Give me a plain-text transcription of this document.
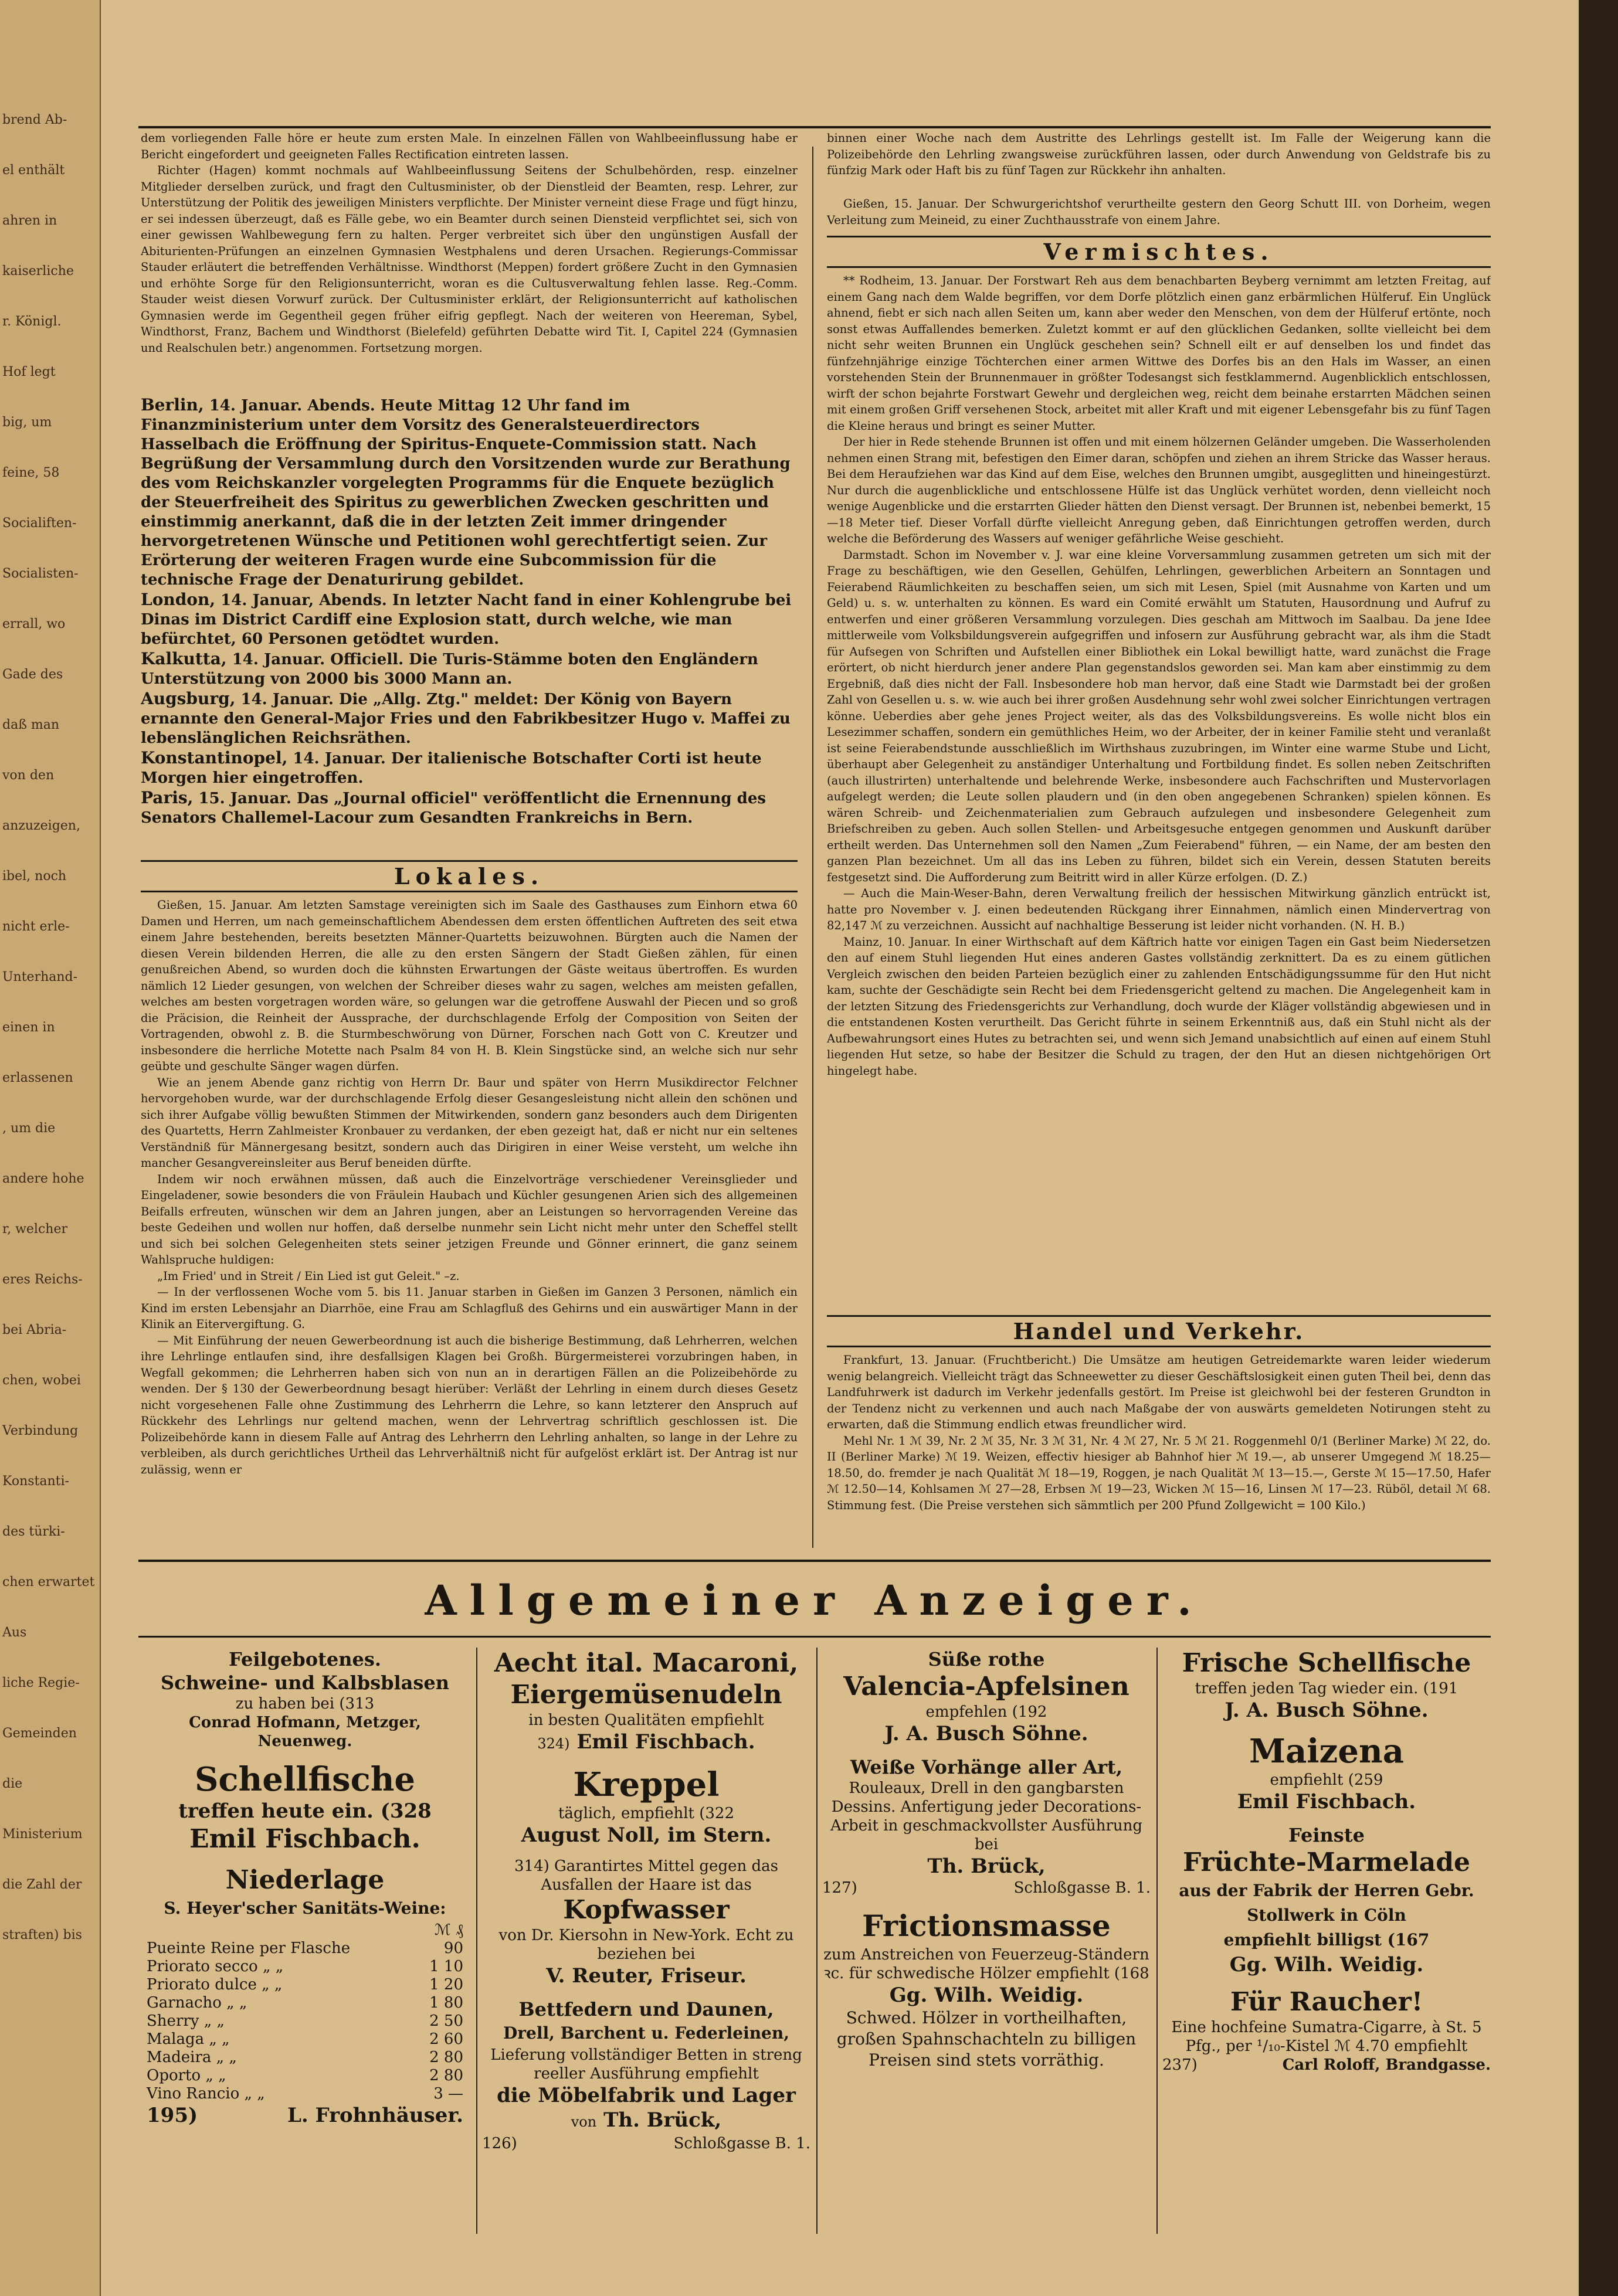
brend Ab-
el enthält
ahren in
kaiserliche
r. Königl.
Hof legt
big, um
feine, 58
Socialiften-
Socialisten-
errall, wo
Gade des
daß man
von den
anzuzeigen,
ibel, noch
nicht erle-
Unterhand-
einen in
erlassenen
, um die
andere hohe
r, welcher
eres Reichs-
bei Abria-
chen, wobei
Verbindung
Konstanti-
des türki-
chen erwartet
Aus
liche Regie-
Gemeinden
die
Ministerium
die Zahl der
straften) bis

dem vorliegenden Falle höre er heute zum ersten Male. In einzelnen Fällen von Wahlbeeinflussung habe er Bericht eingefordert und geeigneten Falles Rectification eintreten lassen.

Richter (Hagen) kommt nochmals auf Wahlbeeinflussung Seitens der Schulbehörden, resp. einzelner Mitglieder derselben zurück, und fragt den Cultusminister, ob der Dienstleid der Beamten, resp. Lehrer, zur Unterstützung der Politik des jeweiligen Ministers verpflichte. Der Minister verneint diese Frage und fügt hinzu, er sei indessen überzeugt, daß es Fälle gebe, wo ein Beamter durch seinen Diensteid verpflichtet sei, sich von einer gewissen Wahlbewegung fern zu halten. Perger verbreitet sich über den ungünstigen Ausfall der Abiturienten-Prüfungen an einzelnen Gymnasien Westphalens und deren Ursachen. Regierungs-Commissar Stauder erläutert die betreffenden Verhältnisse. Windthorst (Meppen) fordert größere Zucht in den Gymnasien und erhöhte Sorge für den Religionsunterricht, woran es die Cultusverwaltung fehlen lasse. Reg.-Comm. Stauder weist diesen Vorwurf zurück. Der Cultusminister erklärt, der Religionsunterricht auf katholischen Gymnasien werde im Gegentheil gegen früher eifrig gepflegt. Nach der weiteren von Heereman, Sybel, Windthorst, Franz, Bachem und Windthorst (Bielefeld) geführten Debatte wird Tit. I, Capitel 224 (Gymnasien und Realschulen betr.) angenommen. Fortsetzung morgen.

Berlin, 14. Januar. Abends. Heute Mittag 12 Uhr fand im Finanzministerium unter dem Vorsitz des Generalsteuerdirectors Hasselbach die Eröffnung der Spiritus-Enquete-Commission statt. Nach Begrüßung der Versammlung durch den Vorsitzenden wurde zur Berathung des vom Reichskanzler vorgelegten Programms für die Enquete bezüglich der Steuerfreiheit des Spiritus zu gewerblichen Zwecken geschritten und einstimmig anerkannt, daß die in der letzten Zeit immer dringender hervorgetretenen Wünsche und Petitionen wohl gerechtfertigt seien. Zur Erörterung der weiteren Fragen wurde eine Subcommission für die technische Frage der Denaturirung gebildet.

London, 14. Januar, Abends. In letzter Nacht fand in einer Kohlengrube bei Dinas im District Cardiff eine Explosion statt, durch welche, wie man befürchtet, 60 Personen getödtet wurden.

Kalkutta, 14. Januar. Officiell. Die Turis-Stämme boten den Engländern Unterstützung von 2000 bis 3000 Mann an.

Augsburg, 14. Januar. Die „Allg. Ztg." meldet: Der König von Bayern ernannte den General-Major Fries und den Fabrikbesitzer Hugo v. Maffei zu lebenslänglichen Reichsräthen.

Konstantinopel, 14. Januar. Der italienische Botschafter Corti ist heute Morgen hier eingetroffen.

Paris, 15. Januar. Das „Journal officiel" veröffentlicht die Ernennung des Senators Challemel-Lacour zum Gesandten Frankreichs in Bern.

Lokales.

Gießen, 15. Januar. Am letzten Samstage vereinigten sich im Saale des Gasthauses zum Einhorn etwa 60 Damen und Herren, um nach gemeinschaftlichem Abendessen dem ersten öffentlichen Auftreten des seit etwa einem Jahre bestehenden, bereits besetzten Männer-Quartetts beizuwohnen. Bürgten auch die Namen der diesen Verein bildenden Herren, die alle zu den ersten Sängern der Stadt Gießen zählen, für einen genußreichen Abend, so wurden doch die kühnsten Erwartungen der Gäste weitaus übertroffen. Es wurden nämlich 12 Lieder gesungen, von welchen der Schreiber dieses wahr zu sagen, welches am meisten gefallen, welches am besten vorgetragen worden wäre, so gelungen war die getroffene Auswahl der Piecen und so groß die Präcision, die Reinheit der Aussprache, der durchschlagende Erfolg der Composition von Seiten der Vortragenden, obwohl z. B. die Sturmbeschwörung von Dürner, Forschen nach Gott von C. Kreutzer und insbesondere die herrliche Motette nach Psalm 84 von H. B. Klein Singstücke sind, an welche sich nur sehr geübte und geschulte Sänger wagen dürfen.

Wie an jenem Abende ganz richtig von Herrn Dr. Baur und später von Herrn Musikdirector Felchner hervorgehoben wurde, war der durchschlagende Erfolg dieser Gesangesleistung nicht allein den schönen und sich ihrer Aufgabe völlig bewußten Stimmen der Mitwirkenden, sondern ganz besonders auch dem Dirigenten des Quartetts, Herrn Zahlmeister Kronbauer zu verdanken, der eben gezeigt hat, daß er nicht nur ein seltenes Verständniß für Männergesang besitzt, sondern auch das Dirigiren in einer Weise versteht, um welche ihn mancher Gesangvereinsleiter aus Beruf beneiden dürfte.

Indem wir noch erwähnen müssen, daß auch die Einzelvorträge verschiedener Vereinsglieder und Eingeladener, sowie besonders die von Fräulein Haubach und Küchler gesungenen Arien sich des allgemeinen Beifalls erfreuten, wünschen wir dem an Jahren jungen, aber an Leistungen so hervorragenden Vereine das beste Gedeihen und wollen nur hoffen, daß derselbe nunmehr sein Licht nicht mehr unter den Scheffel stellt und sich bei solchen Gelegenheiten stets seiner jetzigen Freunde und Gönner erinnert, die ganz seinem Wahlspruche huldigen:

„Im Fried' und in Streit / Ein Lied ist gut Geleit." –z.

— In der verflossenen Woche vom 5. bis 11. Januar starben in Gießen im Ganzen 3 Personen, nämlich ein Kind im ersten Lebensjahr an Diarrhöe, eine Frau am Schlagfluß des Gehirns und ein auswärtiger Mann in der Klinik an Eitervergiftung. G.

— Mit Einführung der neuen Gewerbeordnung ist auch die bisherige Bestimmung, daß Lehrherren, welchen ihre Lehrlinge entlaufen sind, ihre desfallsigen Klagen bei Großh. Bürgermeisterei vorzubringen haben, in Wegfall gekommen; die Lehrherren haben sich von nun an in derartigen Fällen an die Polizeibehörde zu wenden. Der § 130 der Gewerbeordnung besagt hierüber: Verläßt der Lehrling in einem durch dieses Gesetz nicht vorgesehenen Falle ohne Zustimmung des Lehrherrn die Lehre, so kann letzterer den Anspruch auf Rückkehr des Lehrlings nur geltend machen, wenn der Lehrvertrag schriftlich geschlossen ist. Die Polizeibehörde kann in diesem Falle auf Antrag des Lehrherrn den Lehrling anhalten, so lange in der Lehre zu verbleiben, als durch gerichtliches Urtheil das Lehrverhältniß nicht für aufgelöst erklärt ist. Der Antrag ist nur zulässig, wenn er

binnen einer Woche nach dem Austritte des Lehrlings gestellt ist. Im Falle der Weigerung kann die Polizeibehörde den Lehrling zwangsweise zurückführen lassen, oder durch Anwendung von Geldstrafe bis zu fünfzig Mark oder Haft bis zu fünf Tagen zur Rückkehr ihn anhalten.

Gießen, 15. Januar. Der Schwurgerichtshof verurtheilte gestern den Georg Schutt III. von Dorheim, wegen Verleitung zum Meineid, zu einer Zuchthausstrafe von einem Jahre.

Vermischtes.

** Rodheim, 13. Januar. Der Forstwart Reh aus dem benachbarten Beyberg vernimmt am letzten Freitag, auf einem Gang nach dem Walde begriffen, vor dem Dorfe plötzlich einen ganz erbärmlichen Hülferuf. Ein Unglück ahnend, fiebt er sich nach allen Seiten um, kann aber weder den Menschen, von dem der Hülferuf ertönte, noch sonst etwas Auffallendes bemerken. Zuletzt kommt er auf den glücklichen Gedanken, sollte vielleicht bei dem nicht sehr weiten Brunnen ein Unglück geschehen sein? Schnell eilt er auf denselben los und findet das fünfzehnjährige einzige Töchterchen einer armen Wittwe des Dorfes bis an den Hals im Wasser, an einen vorstehenden Stein der Brunnenmauer in größter Todesangst sich festklammernd. Augenblicklich entschlossen, wirft der schon bejahrte Forstwart Gewehr und dergleichen weg, reicht dem beinahe erstarrten Mädchen seinen mit einem großen Griff versehenen Stock, arbeitet mit aller Kraft und mit eigener Lebensgefahr bis zu fünf Tagen die Kleine heraus und bringt es seiner Mutter.

Der hier in Rede stehende Brunnen ist offen und mit einem hölzernen Geländer umgeben. Die Wasserholenden nehmen einen Strang mit, befestigen den Eimer daran, schöpfen und ziehen an ihrem Stricke das Wasser heraus. Bei dem Heraufziehen war das Kind auf dem Eise, welches den Brunnen umgibt, ausgeglitten und hineingestürzt. Nur durch die augenblickliche und entschlossene Hülfe ist das Unglück verhütet worden, denn vielleicht noch wenige Augenblicke und die erstarrten Glieder hätten den Dienst versagt. Der Brunnen ist, nebenbei bemerkt, 15—18 Meter tief. Dieser Vorfall dürfte vielleicht Anregung geben, daß Einrichtungen getroffen werden, durch welche die Beförderung des Wassers auf weniger gefährliche Weise geschieht.

Darmstadt. Schon im November v. J. war eine kleine Vorversammlung zusammen getreten um sich mit der Frage zu beschäftigen, wie den Gesellen, Gehülfen, Lehrlingen, gewerblichen Arbeitern an Sonntagen und Feierabend Räumlichkeiten zu beschaffen seien, um sich mit Lesen, Spiel (mit Ausnahme von Karten und um Geld) u. s. w. unterhalten zu können. Es ward ein Comité erwählt um Statuten, Hausordnung und Aufruf zu entwerfen und einer größeren Versammlung vorzulegen. Dies geschah am Mittwoch im Saalbau. Da jene Idee mittlerweile vom Volksbildungsverein aufgegriffen und infosern zur Ausführung gebracht war, als ihm die Stadt für Aufsegen von Schriften und Aufstellen einer Bibliothek ein Lokal bewilligt hatte, ward zunächst die Frage erörtert, ob nicht hierdurch jener andere Plan gegenstandslos geworden sei. Man kam aber einstimmig zu dem Ergebniß, daß dies nicht der Fall. Insbesondere hob man hervor, daß eine Stadt wie Darmstadt bei der großen Zahl von Gesellen u. s. w. wie auch bei ihrer großen Ausdehnung sehr wohl zwei solcher Einrichtungen vertragen könne. Ueberdies aber gehe jenes Project weiter, als das des Volksbildungsvereins. Es wolle nicht blos ein Lesezimmer schaffen, sondern ein gemüthliches Heim, wo der Arbeiter, der in keiner Familie steht und veranlaßt ist seine Feierabendstunde ausschließlich im Wirthshaus zuzubringen, im Winter eine warme Stube und Licht, überhaupt aber Gelegenheit zu anständiger Unterhaltung und Fortbildung findet. Es sollen neben Zeitschriften (auch illustrirten) unterhaltende und belehrende Werke, insbesondere auch Fachschriften und Mustervorlagen aufgelegt werden; die Leute sollen plaudern und (in den oben angegebenen Schranken) spielen können. Es wären Schreib- und Zeichenmaterialien zum Gebrauch aufzulegen und insbesondere Gelegenheit zum Briefschreiben zu geben. Auch sollen Stellen- und Arbeitsgesuche entgegen genommen und Auskunft darüber ertheilt werden. Das Unternehmen soll den Namen „Zum Feierabend" führen, — ein Name, der am besten den ganzen Plan bezeichnet. Um all das ins Leben zu führen, bildet sich ein Verein, dessen Statuten bereits festgesetzt sind. Die Aufforderung zum Beitritt wird in aller Kürze erfolgen. (D. Z.)

— Auch die Main-Weser-Bahn, deren Verwaltung freilich der hessischen Mitwirkung gänzlich entrückt ist, hatte pro November v. J. einen bedeutenden Rückgang ihrer Einnahmen, nämlich einen Mindervertrag von 82,147 ℳ zu verzeichnen. Aussicht auf nachhaltige Besserung ist leider nicht vorhanden. (N. H. B.)

Mainz, 10. Januar. In einer Wirthschaft auf dem Käftrich hatte vor einigen Tagen ein Gast beim Niedersetzen den auf einem Stuhl liegenden Hut eines anderen Gastes vollständig zerknittert. Da es zu einem gütlichen Vergleich zwischen den beiden Parteien bezüglich einer zu zahlenden Entschädigungssumme für den Hut nicht kam, suchte der Geschädigte sein Recht bei dem Friedensgericht geltend zu machen. Die Angelegenheit kam in der letzten Sitzung des Friedensgerichts zur Verhandlung, doch wurde der Kläger vollständig abgewiesen und in die entstandenen Kosten verurtheilt. Das Gericht führte in seinem Erkenntniß aus, daß ein Stuhl nicht als der Aufbewahrungsort eines Hutes zu betrachten sei, und wenn sich Jemand unabsichtlich auf einen auf einem Stuhl liegenden Hut setze, so habe der Besitzer die Schuld zu tragen, der den Hut an diesen nichtgehörigen Ort hingelegt habe.

Handel und Verkehr.

Frankfurt, 13. Januar. (Fruchtbericht.) Die Umsätze am heutigen Getreidemarkte waren leider wiederum wenig belangreich. Vielleicht trägt das Schneewetter zu dieser Geschäftslosigkeit einen guten Theil bei, denn das Landfuhrwerk ist dadurch im Verkehr jedenfalls gestört. Im Preise ist gleichwohl bei der festeren Grundton in der Tendenz nicht zu verkennen und auch nach Maßgabe der von auswärts gemeldeten Notirungen steht zu erwarten, daß die Stimmung endlich etwas freundlicher wird.

Mehl Nr. 1 ℳ 39, Nr. 2 ℳ 35, Nr. 3 ℳ 31, Nr. 4 ℳ 27, Nr. 5 ℳ 21. Roggenmehl 0/1 (Berliner Marke) ℳ 22, do. II (Berliner Marke) ℳ 19. Weizen, effectiv hiesiger ab Bahnhof hier ℳ 19.—, ab unserer Umgegend ℳ 18.25—18.50, do. fremder je nach Qualität ℳ 18—19, Roggen, je nach Qualität ℳ 13—15.—, Gerste ℳ 15—17.50, Hafer ℳ 12.50—14, Kohlsamen ℳ 27—28, Erbsen ℳ 19—23, Wicken ℳ 15—16, Linsen ℳ 17—23. Rüböl, detail ℳ 68. Stimmung fest. (Die Preise verstehen sich sämmtlich per 200 Pfund Zollgewicht = 100 Kilo.)

Allgemeiner Anzeiger.
Feilgebotenes.
Schweine- und Kalbsblasen
zu haben bei (313
Conrad Hofmann, Metzger, Neuenweg.
Schellfische
treffen heute ein. (328
Emil Fischbach.
Niederlage
S. Heyer'scher Sanitäts-Weine:
ℳ ₰
Pueinte Reine per Flasche	90
Priorato secco „ „	1 10
Priorato dulce „ „	1 20
Garnacho „ „	1 80
Sherry „ „	2 50
Malaga „ „	2 60
Madeira „ „	2 80
Oporto „ „	2 80
Vino Rancio „ „	3 —
195)	L. Frohnhäuser.
Aecht ital. Macaroni,
Eiergemüsenudeln
in besten Qualitäten empfiehlt
324) Emil Fischbach.
Kreppel
täglich, empfiehlt (322
August Noll, im Stern.
314) Garantirtes Mittel gegen das Ausfallen der Haare ist das
Kopfwasser
von Dr. Kiersohn in New-York. Echt zu beziehen bei
V. Reuter, Friseur.
Bettfedern und Daunen,
Drell, Barchent u. Federleinen,
Lieferung vollständiger Betten in streng reeller Ausführung empfiehlt
die Möbelfabrik und Lager
von Th. Brück,
126)	Schloßgasse B. 1.
Süße rothe
Valencia-Apfelsinen
empfehlen (192
J. A. Busch Söhne.
Weiße Vorhänge aller Art,
Rouleaux, Drell in den gangbarsten Dessins. Anfertigung jeder Decorations-Arbeit in geschmackvollster Ausführung bei
Th. Brück,
127)	Schloßgasse B. 1.
Frictionsmasse
zum Anstreichen von Feuerzeug-Ständern ꝛc. für schwedische Hölzer empfiehlt (168
Gg. Wilh. Weidig.
Schwed. Hölzer in vortheilhaften, großen Spahnschachteln zu billigen Preisen sind stets vorräthig.
Frische Schellfische
treffen jeden Tag wieder ein. (191
J. A. Busch Söhne.
Maizena
empfiehlt (259
Emil Fischbach.
Feinste
Früchte-Marmelade
aus der Fabrik der Herren Gebr. Stollwerk in Cöln
empfiehlt billigst (167
Gg. Wilh. Weidig.
Für Raucher!
Eine hochfeine Sumatra-Cigarre, à St. 5 Pfg., per ¹/₁₀-Kistel ℳ 4.70 empfiehlt
237)	Carl Roloff, Brandgasse.
